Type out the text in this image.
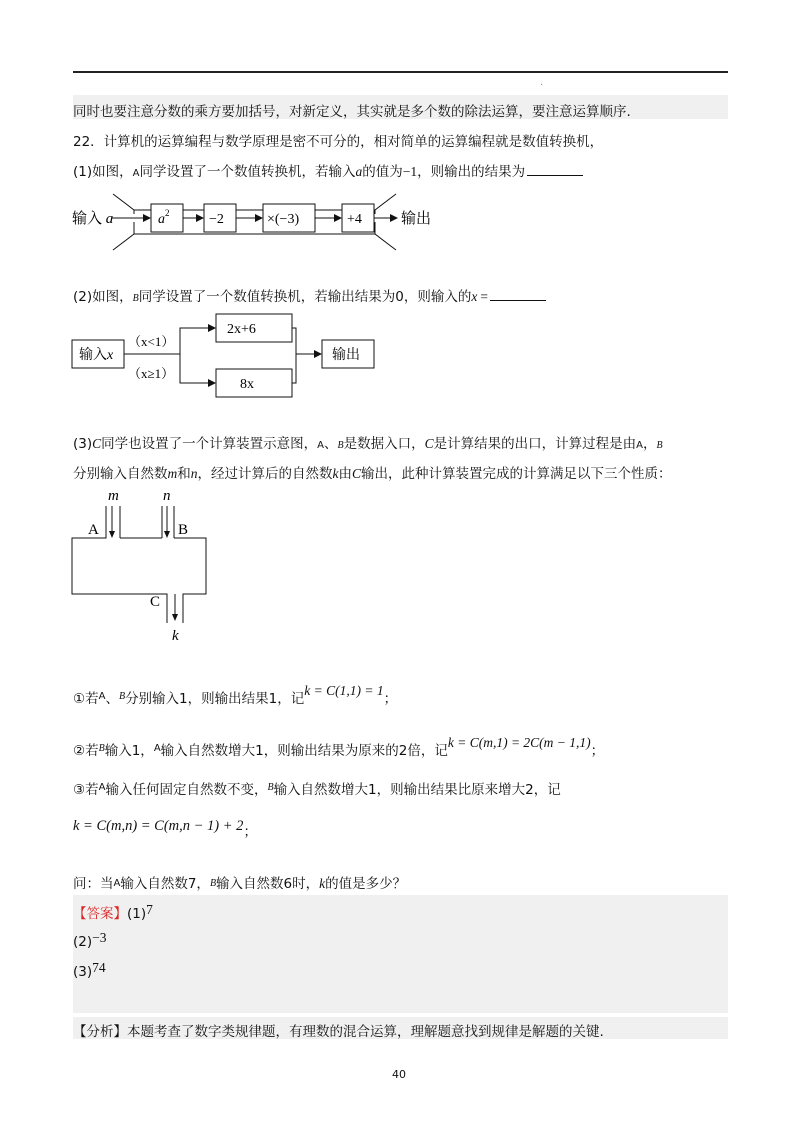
·
同时也要注意分数的乘方要加括号，对新定义，其实就是多个数的除法运算，要注意运算顺序.
22．计算机的运算编程与数学原理是密不可分的，相对简单的运算编程就是数值转换机，
(1)如图，A同学设置了一个数值转换机，若输入a的值为−1，则输出的结果为
输入 a	$a^2$	−2	×(−3)	+4	输出
(2)如图，B同学设置了一个数值转换机，若输出结果为0，则输入的x =
输入x
（x<1）
（x≥1）
2x+6
8x
输出
(3)C同学也设置了一个计算装置示意图，A、B是数据入口，C是计算结果的出口，计算过程是由A，B
分别输入自然数m和n，经过计算后的自然数k由C输出，此种计算装置完成的计算满足以下三个性质：
m	n
A	B
C
k
①若$^A$、$^B$分别输入1，则输出结果1，记k = C(1,1) = 1；
②若$^B$输入1，$^A$输入自然数增大1，则输出结果为原来的2倍，记k = C(m,1) = 2C(m − 1,1)；
③若$^A$输入任何固定自然数不变，$^B$输入自然数增大1，则输出结果比原来增大2，记
k = C(m,n) = C(m,n − 1) + 2；
问：当A输入自然数7，B输入自然数6时，k的值是多少？
【答案】(1)7
(2)−3
(3)74
【分析】本题考查了数字类规律题，有理数的混合运算，理解题意找到规律是解题的关键.
40
